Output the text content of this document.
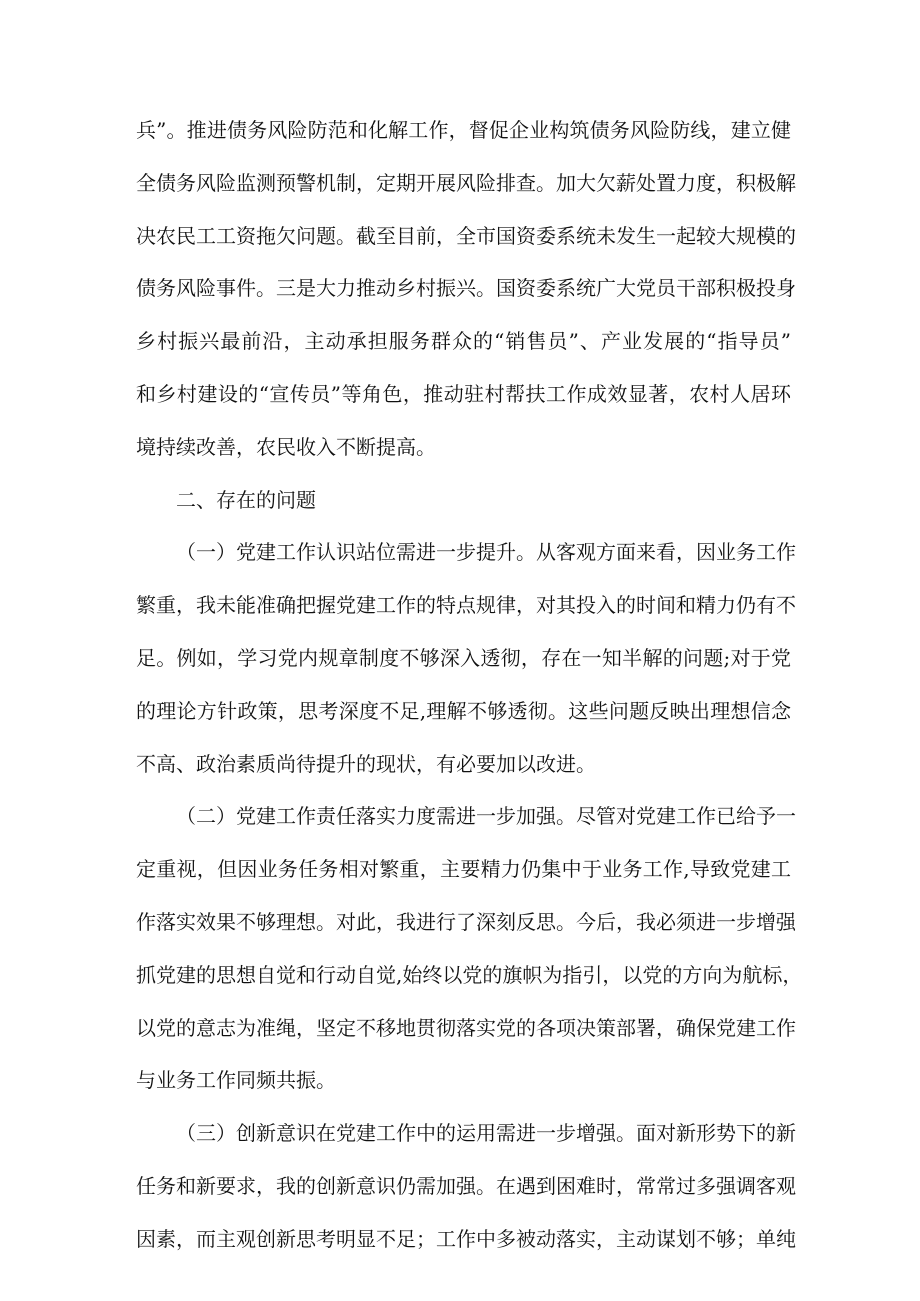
兵”。推进债务风险防范和化解工作，督促企业构筑债务风险防线，建立健
全债务风险监测预警机制，定期开展风险排查。加大欠薪处置力度，积极解
决农民工工资拖欠问题。截至目前，全市国资委系统未发生一起较大规模的
债务风险事件。三是大力推动乡村振兴。国资委系统广大党员干部积极投身
乡村振兴最前沿，主动承担服务群众的“销售员”、产业发展的“指导员”
和乡村建设的“宣传员”等角色，推动驻村帮扶工作成效显著，农村人居环
境持续改善，农民收入不断提高。
二、存在的问题
（一）党建工作认识站位需进一步提升。从客观方面来看，因业务工作
繁重，我未能准确把握党建工作的特点规律，对其投入的时间和精力仍有不
足。例如，学习党内规章制度不够深入透彻，存在一知半解的问题;对于党
的理论方针政策，思考深度不足,理解不够透彻。这些问题反映出理想信念
不高、政治素质尚待提升的现状，有必要加以改进。
（二）党建工作责任落实力度需进一步加强。尽管对党建工作已给予一
定重视，但因业务任务相对繁重，主要精力仍集中于业务工作,导致党建工
作落实效果不够理想。对此，我进行了深刻反思。今后，我必须进一步增强
抓党建的思想自觉和行动自觉,始终以党的旗帜为指引，以党的方向为航标，
以党的意志为准绳，坚定不移地贯彻落实党的各项决策部署，确保党建工作
与业务工作同频共振。
（三）创新意识在党建工作中的运用需进一步增强。面对新形势下的新
任务和新要求，我的创新意识仍需加强。在遇到困难时，常常过多强调客观
因素，而主观创新思考明显不足；工作中多被动落实，主动谋划不够；单纯
